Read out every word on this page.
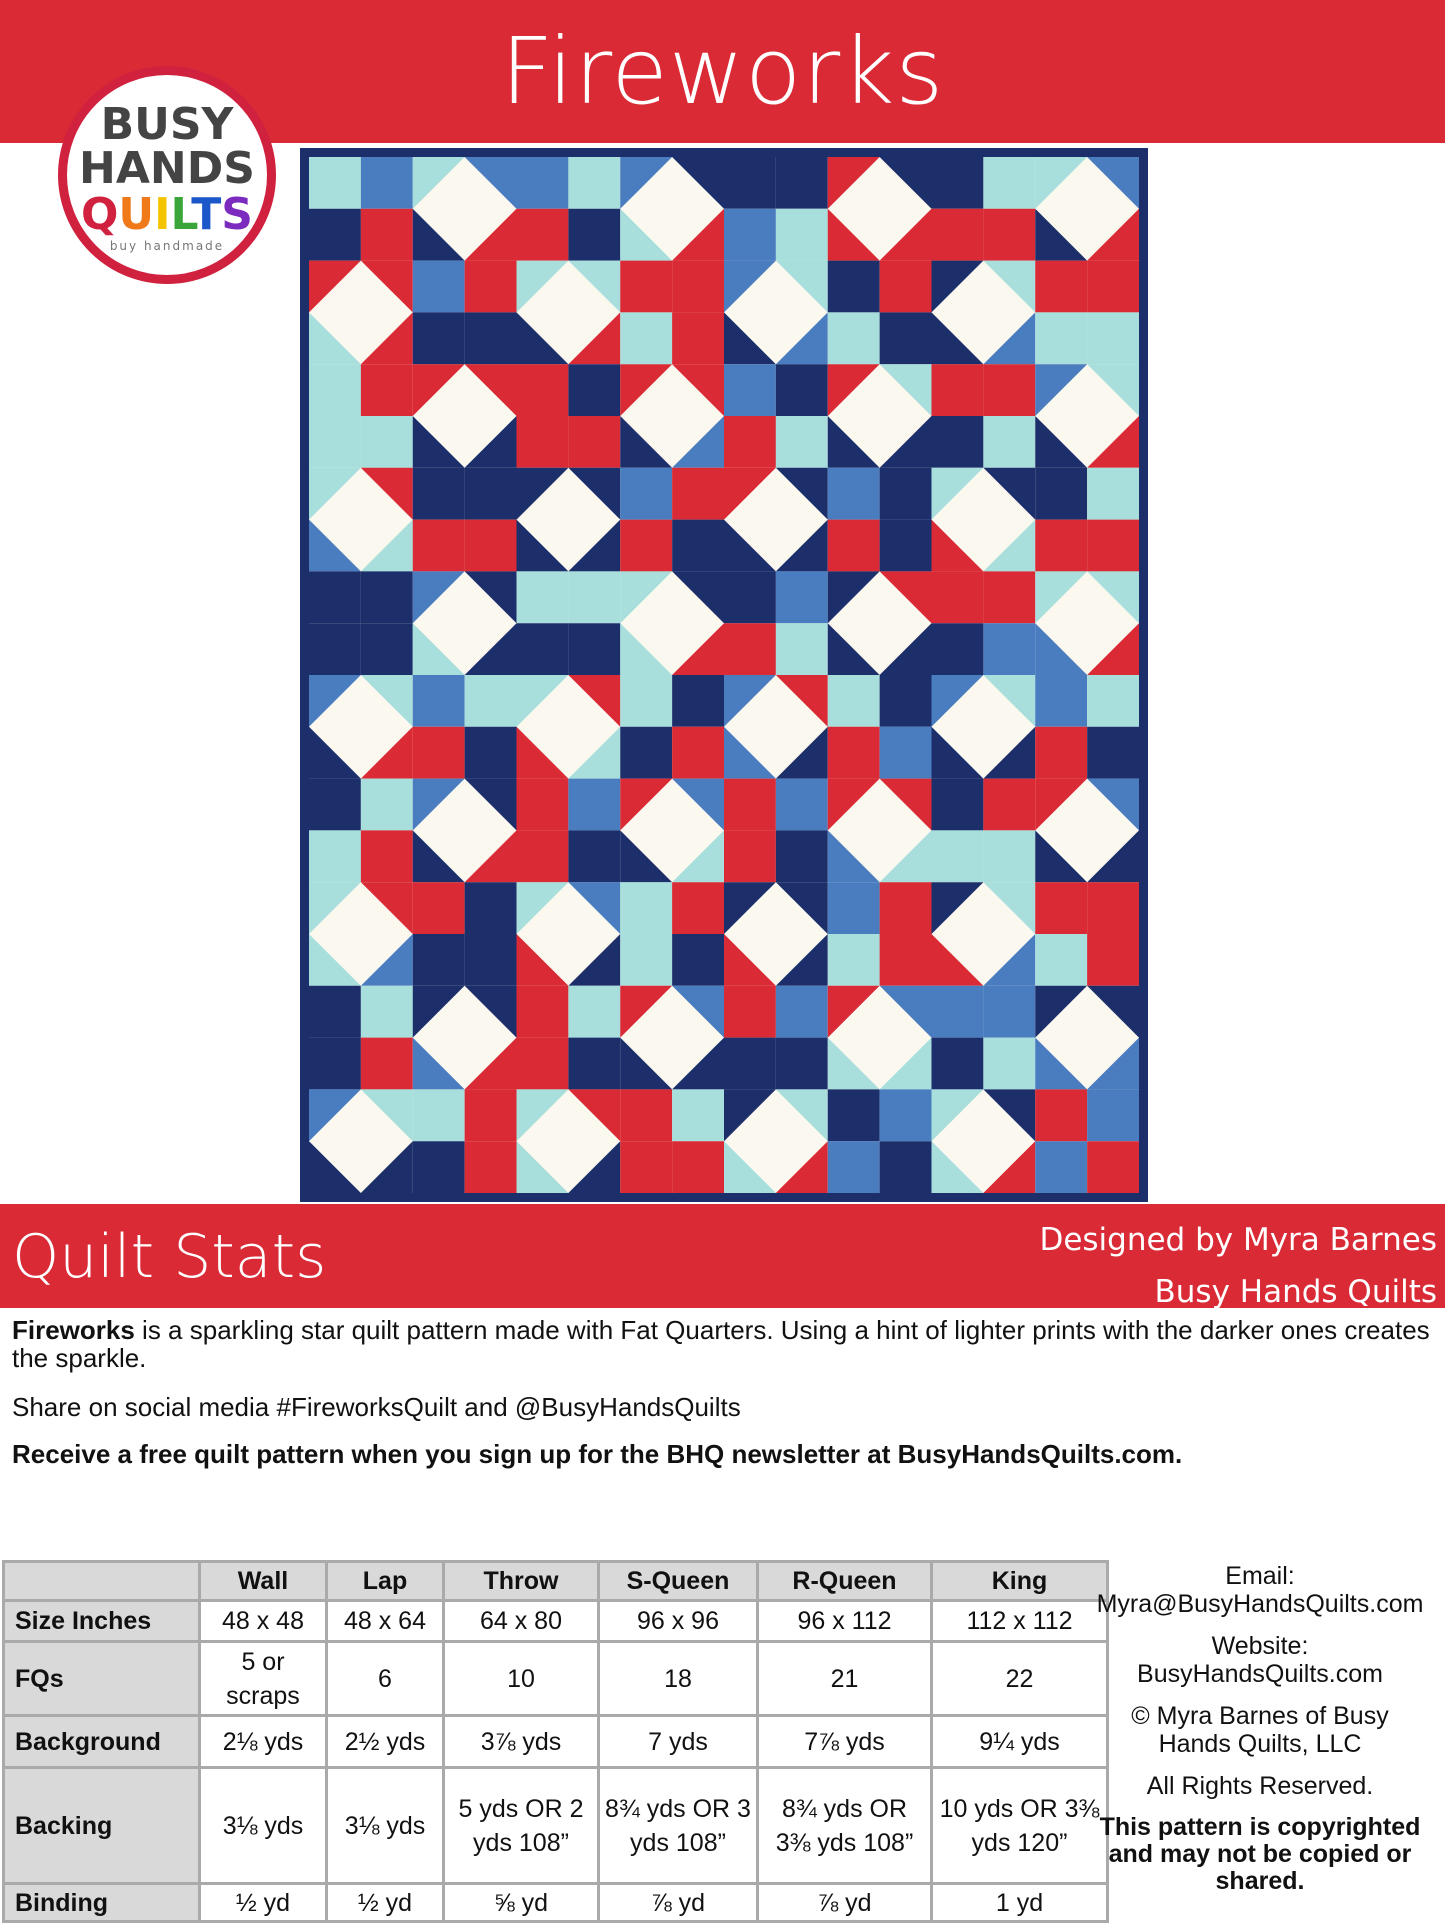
Fireworks
BUSY
HANDS
QUILTS
buy handmade
Quilt Stats	Designed by Myra Barnes
Busy Hands Quilts
Fireworks is a sparkling star quilt pattern made with Fat Quarters. Using a hint of lighter prints with the darker ones creates the sparkle.
Share on social media #FireworksQuilt and @BusyHandsQuilts
Receive a free quilt pattern when you sign up for the BHQ newsletter at BusyHandsQuilts.com.
	Wall	Lap	Throw	S-Queen	R-Queen	King
Size Inches	48 x 48	48 x 64	64 x 80	96 x 96	96 x 112	112 x 112
FQs	5 or scraps	6	10	18	21	22
Background	2⅛ yds	2½ yds	3⅞ yds	7 yds	7⅞ yds	9¼ yds
Backing	3⅛ yds	3⅛ yds	5 yds OR 2 yds 108”	8¾ yds OR 3 yds 108”	8¾ yds OR 3⅜ yds 108”	10 yds OR 3⅜ yds 120”
Binding	½ yd	½ yd	⅝ yd	⅞ yd	⅞ yd	1 yd

Email:
Myra@BusyHandsQuilts.com

Website:
BusyHandsQuilts.com

© Myra Barnes of Busy Hands Quilts, LLC

All Rights Reserved.

This pattern is copyrighted and may not be copied or shared.
